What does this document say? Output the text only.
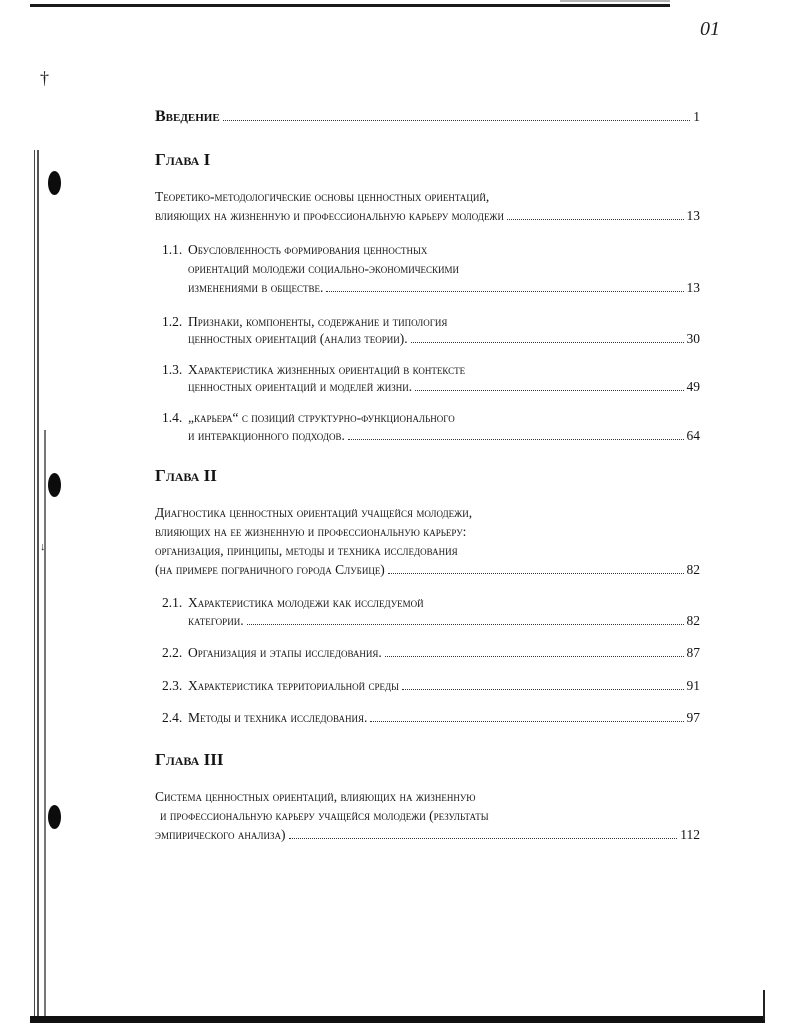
†
↓
01
Введение	1
Глава I
Теоретико-методологические основы ценностных ориентаций,
влияющих на жизненную и профессиональную карьеру молодежи	13
1.1. Обусловленность формирования ценностных
ориентаций молодежи социально-экономическими
изменениями в обществе.	13
1.2. Признаки, компоненты, содержание и типология
ценностных ориентаций (анализ теории).	30
1.3. Характеристика жизненных ориентаций в контексте
ценностных ориентаций и моделей жизни.	49
1.4. „карьера“ с позиций структурно-функционального
и интеракционного подходов.	64
Глава II
Диагностика ценностных ориентаций учащейся молодежи,
влияющих на ее жизненную и профессиональную карьеру:
организация, принципы, методы и техника исследования
(на примере пограничного города Слубице)	82
2.1. Характеристика молодежи как исследуемой
категории.	82
2.2. Организация и этапы исследования.	87
2.3. Характеристика территориальной среды	91
2.4. Методы и техника исследования.	97
Глава III
Система ценностных ориентаций, влияющих на жизненную
и профессиональную карьеру учащейся молодежи (результаты
эмпирического анализа)	112
